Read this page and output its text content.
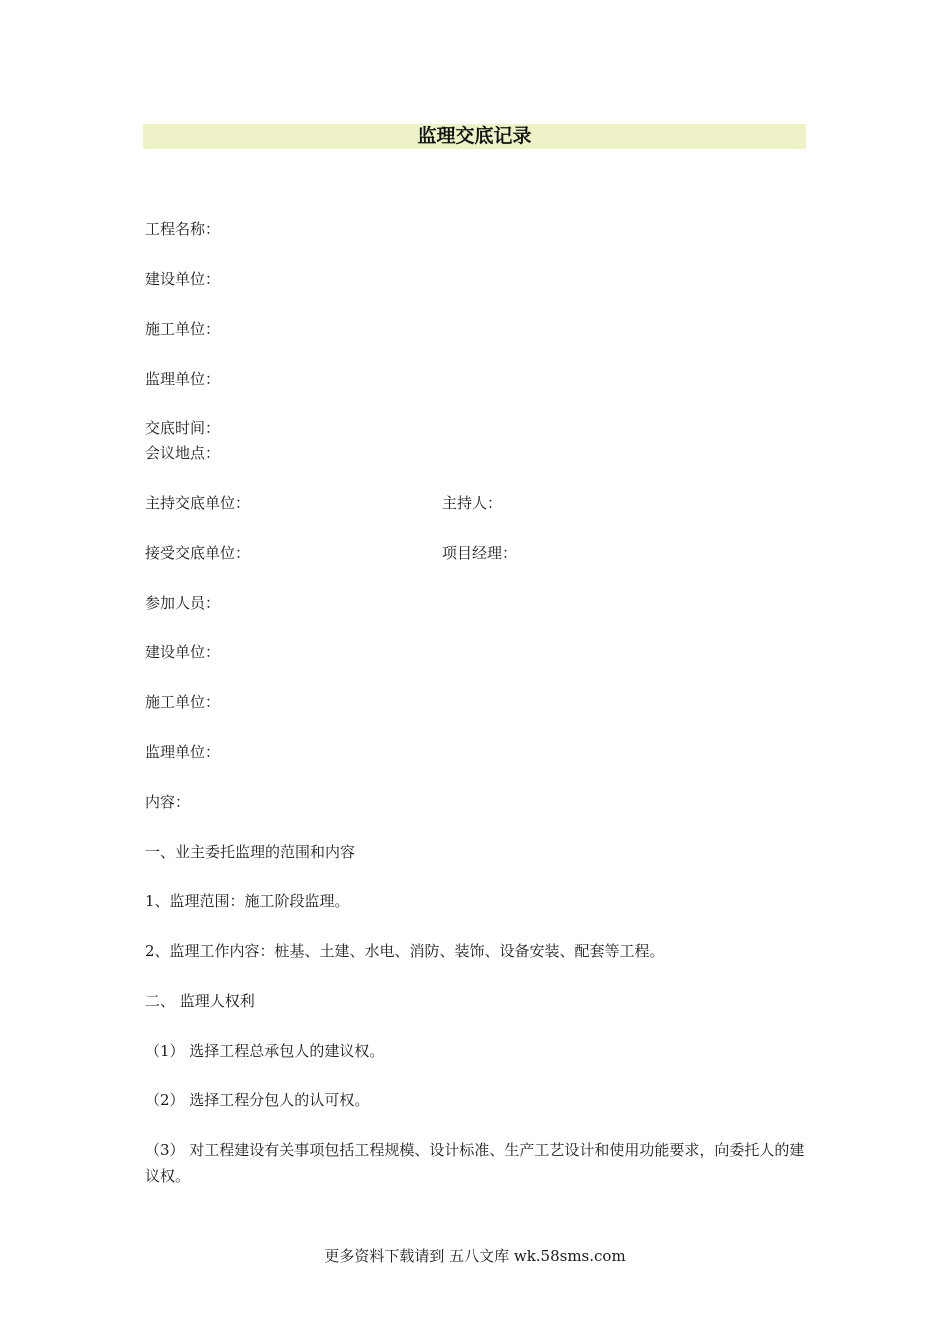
监理交底记录
工程名称：
建设单位：
施工单位：
监理单位：
交底时间：
会议地点：
主持交底单位：	主持人：
接受交底单位：	项目经理：
参加人员：
建设单位：
施工单位：
监理单位：
内容：
一、业主委托监理的范围和内容
1、监理范围：施工阶段监理。
2、监理工作内容：桩基、土建、水电、消防、装饰、设备安装、配套等工程。
二、 监理人权利
（1） 选择工程总承包人的建议权。
（2） 选择工程分包人的认可权。
（3） 对工程建设有关事项包括工程规模、设计标准、生产工艺设计和使用功能要求，向委托人的建议权。
更多资料下载请到 五八文库 wk.58sms.com
